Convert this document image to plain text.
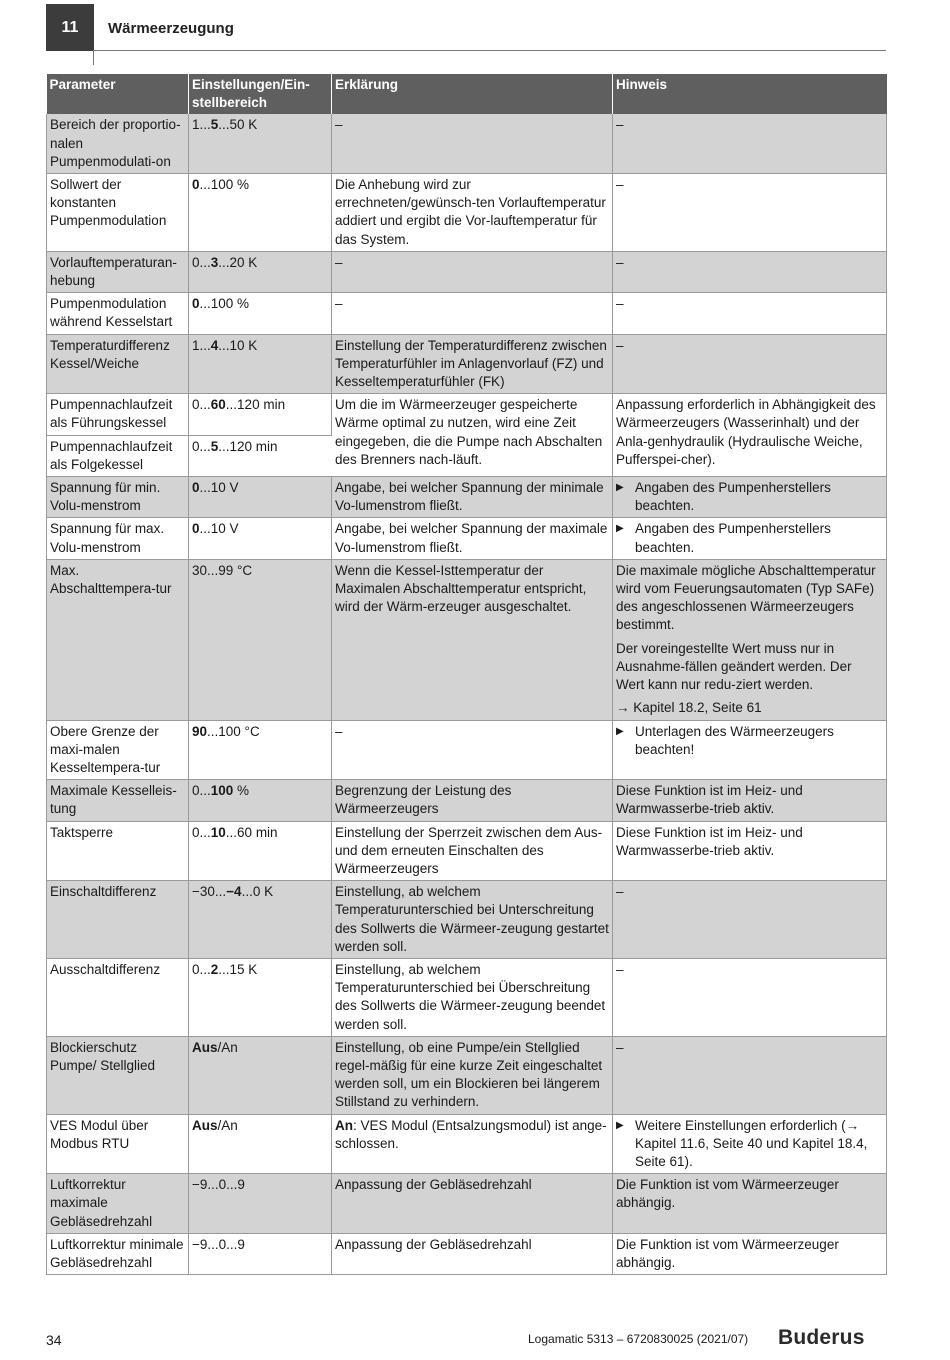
11 Wärmeerzeugung
Parameter	Einstellungen/Ein-stellbereich	Erklärung	Hinweis
Bereich der proportio-nalen Pumpenmodulati-on	1...5...50 K	–	–

Sollwert der konstanten Pumpenmodulation	0...100 %	Die Anhebung wird zur errechneten/gewünsch-ten Vorlauftemperatur addiert und ergibt die Vor-lauftemperatur für das System.	–

Vorlauftemperaturan-hebung	0...3...20 K	–	–

Pumpenmodulation während Kesselstart	0...100 %	–	–

Temperaturdifferenz Kessel/Weiche	1...4...10 K	Einstellung der Temperaturdifferenz zwischen Temperaturfühler im Anlagenvorlauf (FZ) und Kesseltemperaturfühler (FK)	–

Pumpennachlaufzeit als Führungskessel	0...60...120 min	Um die im Wärmeerzeuger gespeicherte Wärme optimal zu nutzen, wird eine Zeit eingegeben, die die Pumpe nach Abschalten des Brenners nach-läuft.	Anpassung erforderlich in Abhängigkeit des Wärmeerzeugers (Wasserinhalt) und der Anla-genhydraulik (Hydraulische Weiche, Pufferspei-cher).
Pumpennachlaufzeit als Folgekessel	0...5...120 min		
Spannung für min. Volu-menstrom	0...10 V	Angabe, bei welcher Spannung der minimale Vo-lumenstrom fließt.	▶ Angaben des Pumpenherstellers beachten.

Spannung für max. Volu-menstrom	0...10 V	Angabe, bei welcher Spannung der maximale Vo-lumenstrom fließt.	▶ Angaben des Pumpenherstellers beachten.

Max. Abschalttempera-tur	30...99 °C	Wenn die Kessel-Isttemperatur der Maximalen Abschalttemperatur entspricht, wird der Wärm-erzeuger ausgeschaltet.	Die maximale mögliche Abschalttemperatur wird vom Feuerungsautomaten (Typ SAFe) des angeschlossenen Wärmeerzeugers bestimmt.
Der voreingestellte Wert muss nur in Ausnahme-fällen geändert werden. Der Wert kann nur redu-ziert werden.
→ Kapitel 18.2, Seite 61

Obere Grenze der maxi-malen Kesseltempera-tur	90...100 °C	–	▶ Unterlagen des Wärmeerzeugers beachten!

Maximale Kesselleis-tung	0...100 %	Begrenzung der Leistung des Wärmeerzeugers	Diese Funktion ist im Heiz- und Warmwasserbe-trieb aktiv.

Taktsperre	0...10...60 min	Einstellung der Sperrzeit zwischen dem Aus- und dem erneuten Einschalten des Wärmeerzeugers	Diese Funktion ist im Heiz- und Warmwasserbe-trieb aktiv.

Einschaltdifferenz	−30...−4...0 K	Einstellung, ab welchem Temperaturunterschied bei Unterschreitung des Sollwerts die Wärmeer-zeugung gestartet werden soll.	–

Ausschaltdifferenz	0...2...15 K	Einstellung, ab welchem Temperaturunterschied bei Überschreitung des Sollwerts die Wärmeer-zeugung beendet werden soll.	–

Blockierschutz Pumpe/ Stellglied	Aus/An	Einstellung, ob eine Pumpe/ein Stellglied regel-mäßig für eine kurze Zeit eingeschaltet werden soll, um ein Blockieren bei längerem Stillstand zu verhindern.	–

VES Modul über Modbus RTU	Aus/An	An: VES Modul (Entsalzungsmodul) ist ange-schlossen.	▶ Weitere Einstellungen erforderlich (→ Kapitel 11.6, Seite 40 und Kapitel 18.4, Seite 61).

Luftkorrektur maximale Gebläsedrehzahl	−9...0...9	Anpassung der Gebläsedrehzahl	Die Funktion ist vom Wärmeerzeuger abhängig.

Luftkorrektur minimale Gebläsedrehzahl	−9...0...9	Anpassung der Gebläsedrehzahl	Die Funktion ist vom Wärmeerzeuger abhängig.
34	Logamatic 5313 – 6720830025 (2021/07) Buderus
